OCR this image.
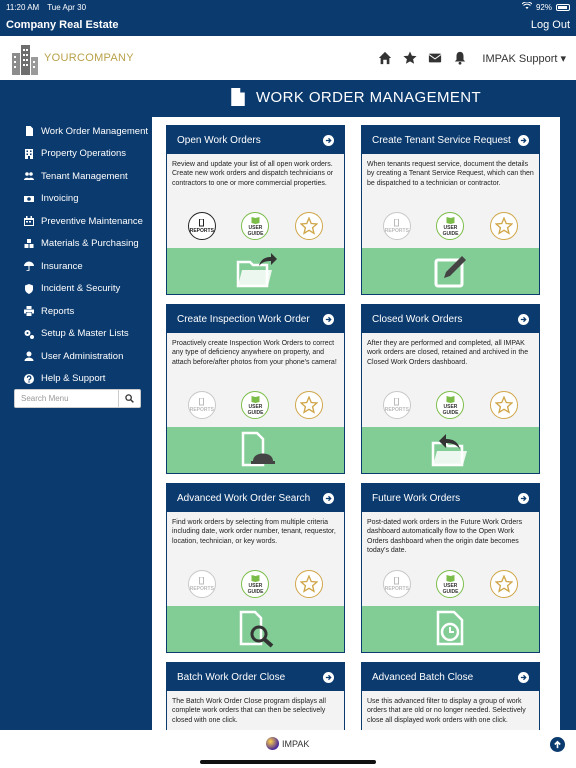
11:20 AM Tue Apr 30	92%
Company Real Estate	Log Out
YOURCOMPANY	IMPAK Support ▾
Work Order Management
Property Operations
Tenant Management
Invoicing
Preventive Maintenance
Materials & Purchasing
Insurance
Incident & Security
Reports
Setup & Master Lists
User Administration
Help & Support
Search Menu
WORK ORDER MANAGEMENT
Open Work Orders
Review and update your list of all open work orders. Create new work orders and dispatch technicians or contractors to one or more commercial properties.
REPORTS	USER
GUIDE
Create Tenant Service Request
When tenants request service, document the details by creating a Tenant Service Request, which can then be dispatched to a technician or contractor.
REPORTS	USER
GUIDE
Create Inspection Work Order
Proactively create Inspection Work Orders to correct any type of deficiency anywhere on property, and attach before/after photos from your phone's camera!
REPORTS	USER
GUIDE
Closed Work Orders
After they are performed and completed, all IMPAK work orders are closed, retained and archived in the Closed Work Orders dashboard.
REPORTS	USER
GUIDE
Advanced Work Order Search
Find work orders by selecting from multiple criteria including date, work order number, tenant, requestor, location, technician, or key words.
REPORTS	USER
GUIDE
Future Work Orders
Post-dated work orders in the Future Work Orders dashboard automatically flow to the Open Work Orders dashboard when the origin date becomes today's date.
REPORTS	USER
GUIDE
Batch Work Order Close
The Batch Work Order Close program displays all complete work orders that can then be selectively closed with one click.
Advanced Batch Close
Use this advanced filter to display a group of work orders that are old or no longer needed. Selectively close all displayed work orders with one click.
IMPAK
